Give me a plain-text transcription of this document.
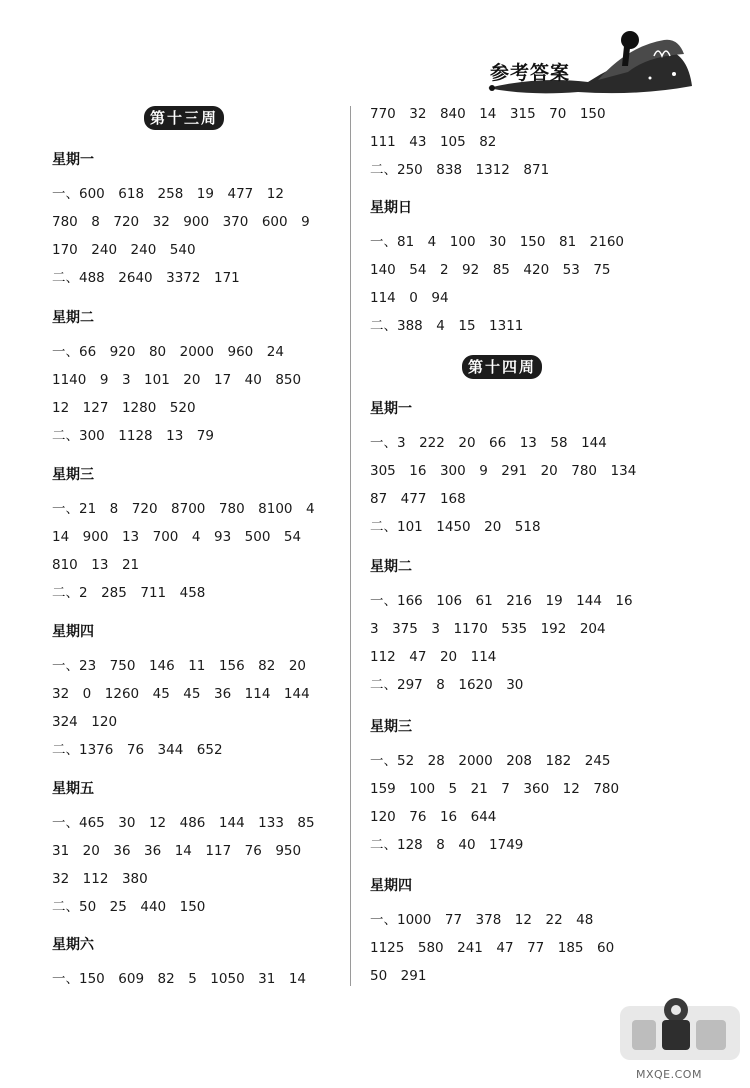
参考答案
第十三周
星期一
一、600　618　258　19　477　12
780　8　720　32　900　370　600　9
170　240　240　540
二、488　2640　3372　171
星期二
一、66　920　80　2000　960　24
1140　9　3　101　20　17　40　850
12　127　1280　520
二、300　1128　13　79
星期三
一、21　8　720　8700　780　8100　4
14　900　13　700　4　93　500　54
810　13　21
二、2　285　711　458
星期四
一、23　750　146　11　156　82　20
32　0　1260　45　45　36　114　144
324　120
二、1376　76　344　652
星期五
一、465　30　12　486　144　133　85
31　20　36　36　14　117　76　950
32　112　380
二、50　25　440　150
星期六
一、150　609　82　5　1050　31　14
770　32　840　14　315　70　150
111　43　105　82
二、250　838　1312　871
星期日
一、81　4　100　30　150　81　2160
140　54　2　92　85　420　53　75
114　0　94
二、388　4　15　1311
第十四周
星期一
一、3　222　20　66　13　58　144
305　16　300　9　291　20　780　134
87　477　168
二、101　1450　20　518
星期二
一、166　106　61　216　19　144　16
3　375　3　1170　535　192　204
112　47　20　114
二、297　8　1620　30
星期三
一、52　28　2000　208　182　245
159　100　5　21　7　360　12　780
120　76　16　644
二、128　8　40　1749
星期四
一、1000　77　378　12　22　48
1125　580　241　47　77　185　60
50　291
MXQE.COM
